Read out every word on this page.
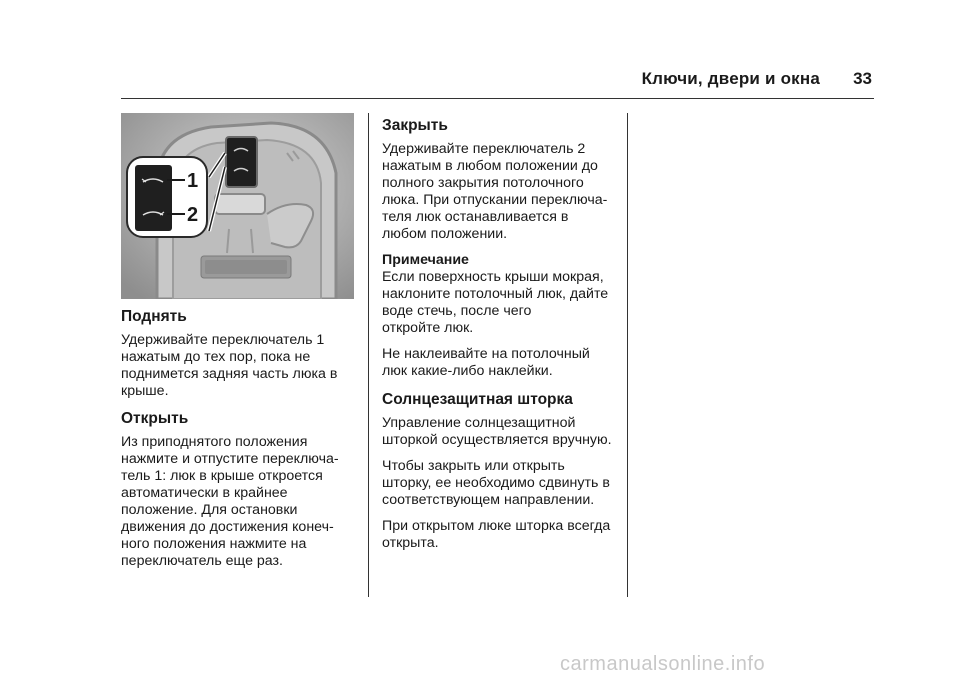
Ключи, двери и окна 33
1
2
Поднять

Удерживайте переключатель 1
нажатым до тех пор, пока не
поднимется задняя часть люка в
крыше.

Открыть

Из приподнятого положения
нажмите и отпустите переключа-
тель 1: люк в крыше откроется
автоматически в крайнее
положение. Для остановки
движения до достижения конеч-
ного положения нажмите на
переключатель еще раз.

Закрыть

Удерживайте переключатель 2
нажатым в любом положении до
полного закрытия потолочного
люка. При отпускании переключа-
теля люк останавливается в
любом положении.

Примечание

Если поверхность крыши мокрая,
наклоните потолочный люк, дайте
воде стечь, после чего
откройте люк.

Не наклеивайте на потолочный
люк какие-либо наклейки.

Солнцезащитная шторка

Управление солнцезащитной
шторкой осуществляется вручную.

Чтобы закрыть или открыть
шторку, ее необходимо сдвинуть в
соответствующем направлении.

При открытом люке шторка всегда
открыта.

carmanualsonline.info
